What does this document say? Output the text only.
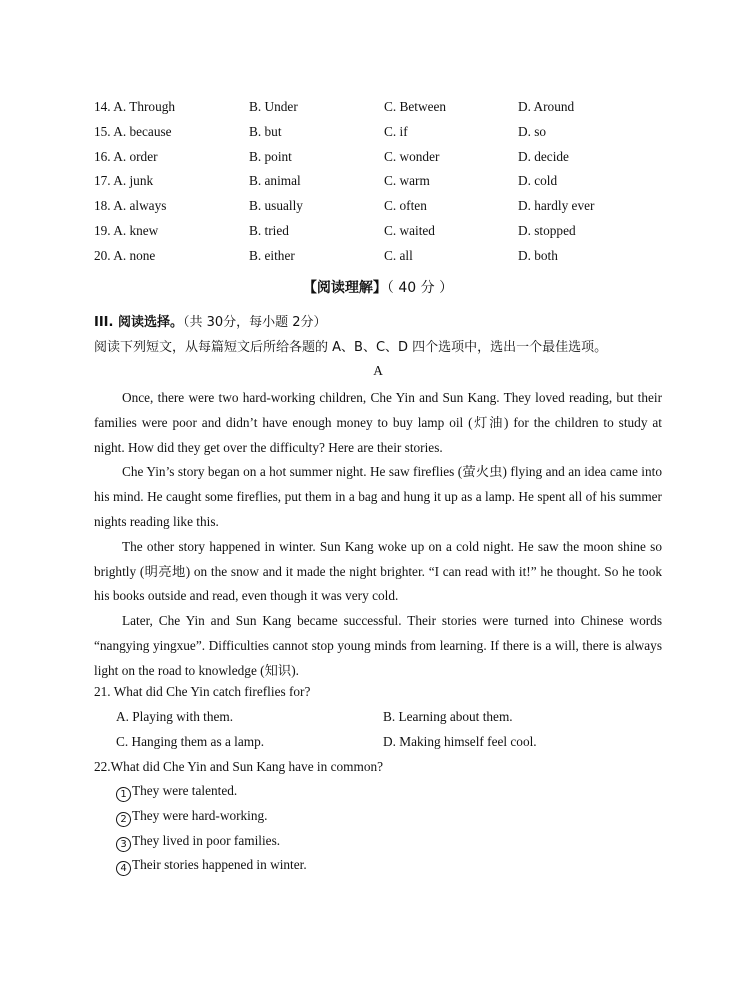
14. A. Through	B. Under	C. Between	D. Around
15. A. because	B. but	C. if	D. so
16. A. order	B. point	C. wonder	D. decide
17. A. junk	B. animal	C. warm	D. cold
18. A. always	B. usually	C. often	D. hardly ever
19. A. knew	B. tried	C. waited	D. stopped
20. A. none	B. either	C. all	D. both
【阅读理解】（ 40 分 ）
III. 阅读选择。（共 30分，每小题 2分）
阅读下列短文，从每篇短文后所给各题的 A、B、C、D 四个选项中，选出一个最佳选项。
A

Once, there were two hard-working children, Che Yin and Sun Kang. They loved reading, but their families were poor and didn’t have enough money to buy lamp oil (灯油) for the children to study at night. How did they get over the difficulty? Here are their stories.

Che Yin’s story began on a hot summer night. He saw fireflies (萤火虫) flying and an idea came into his mind. He caught some fireflies, put them in a bag and hung it up as a lamp. He spent all of his summer nights reading like this.

The other story happened in winter. Sun Kang woke up on a cold night. He saw the moon shine so brightly (明亮地) on the snow and it made the night brighter. “I can read with it!” he thought. So he took his books outside and read, even though it was very cold.

Later, Che Yin and Sun Kang became successful. Their stories were turned into Chinese words “nangying yingxue”. Difficulties cannot stop young minds from learning. If there is a will, there is always light on the road to knowledge (知识).

21. What did Che Yin catch fireflies for?
A. Playing with them.	B. Learning about them.
C. Hanging them as a lamp.	D. Making himself feel cool.
22.What did Che Yin and Sun Kang have in common?
1 They were talented.
2 They were hard-working.
3 They lived in poor families.
4 Their stories happened in winter.
